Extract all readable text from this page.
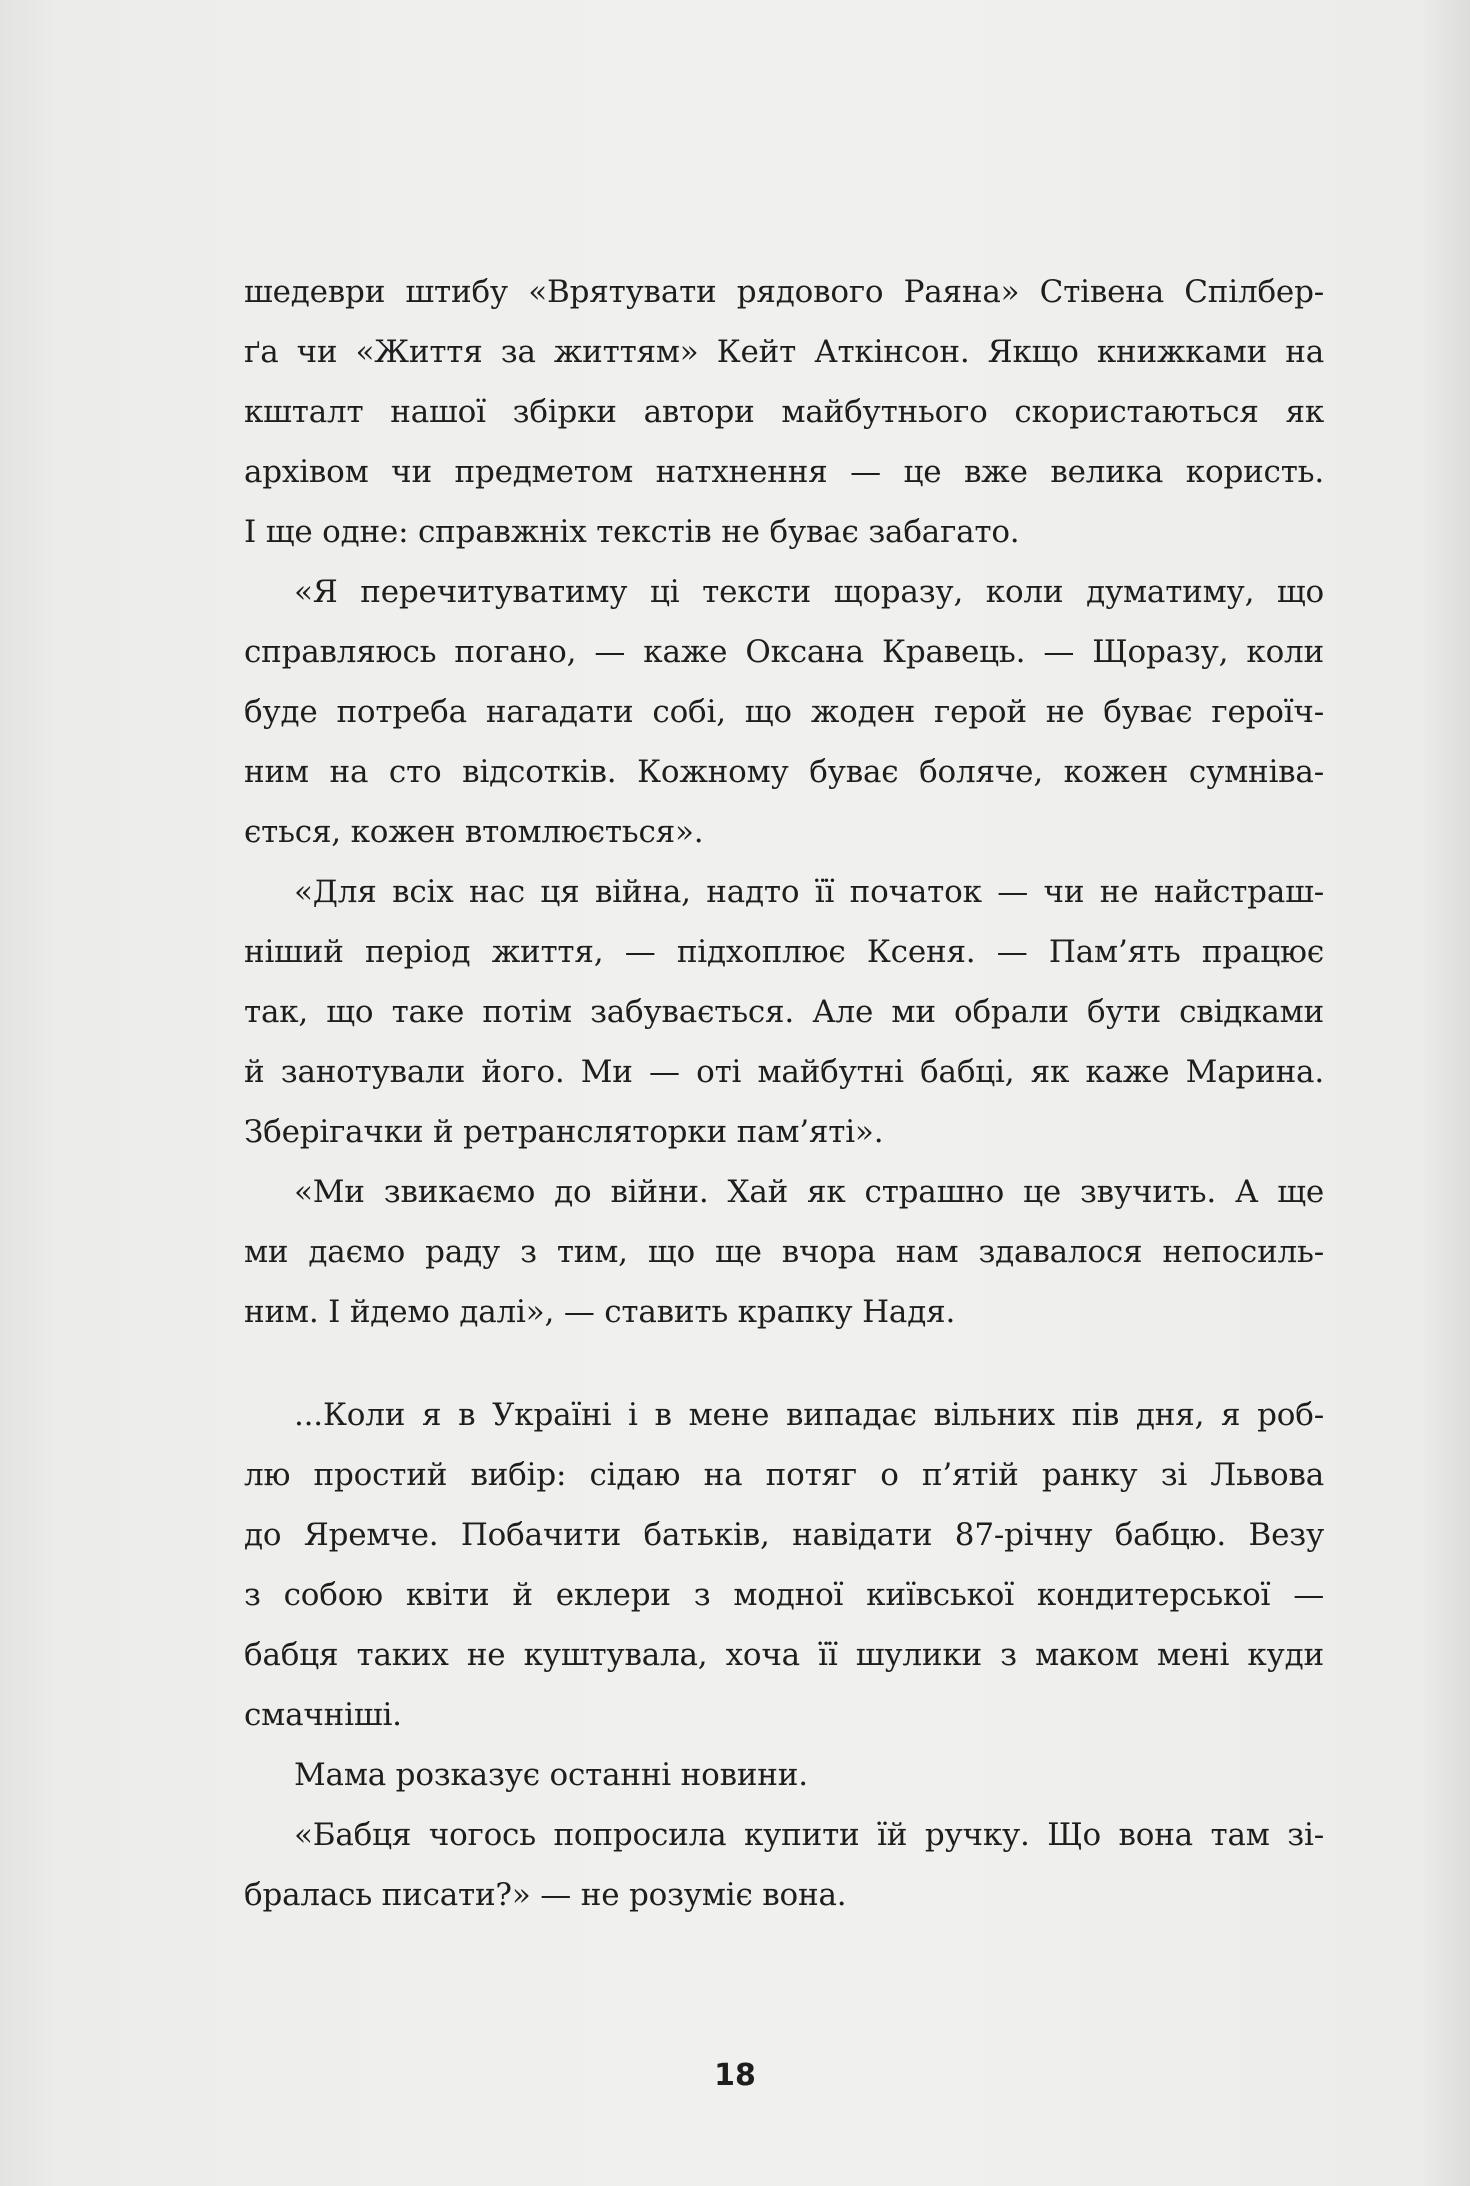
шедеври штибу «Врятувати рядового Раяна» Стівена Спілбер-
ґа чи «Життя за життям» Кейт Аткінсон. Якщо книжками на
кшталт нашої збірки автори майбутнього скористаються як
архівом чи предметом натхнення — це вже велика користь.
І ще одне: справжніх текстів не буває забагато.
«Я перечитуватиму ці тексти щоразу, коли думатиму, що
справляюсь погано, — каже Оксана Кравець. — Щоразу, коли
буде потреба нагадати собі, що жоден герой не буває героїч-
ним на сто відсотків. Кожному буває боляче, кожен сумніва-
ється, кожен втомлюється».
«Для всіх нас ця війна, надто її початок — чи не найстраш-
ніший період життя, — підхоплює Ксеня. — Пам’ять працює
так, що таке потім забувається. Але ми обрали бути свідками
й занотували його. Ми — оті майбутні бабці, як каже Марина.
Зберігачки й ретрансляторки пам’яті».
«Ми звикаємо до війни. Хай як страшно це звучить. А ще
ми даємо раду з тим, що ще вчора нам здавалося непосиль-
ним. І йдемо далі», — ставить крапку Надя.
...Коли я в Україні і в мене випадає вільних пів дня, я роб-
лю простий вибір: сідаю на потяг о п’ятій ранку зі Львова
до Яремче. Побачити батьків, навідати 87-річну бабцю. Везу
з собою квіти й еклери з модної київської кондитерської —
бабця таких не куштувала, хоча її шулики з маком мені куди
смачніші.
Мама розказує останні новини.
«Бабця чогось попросила купити їй ручку. Що вона там зі-
бралась писати?» — не розуміє вона.
18
